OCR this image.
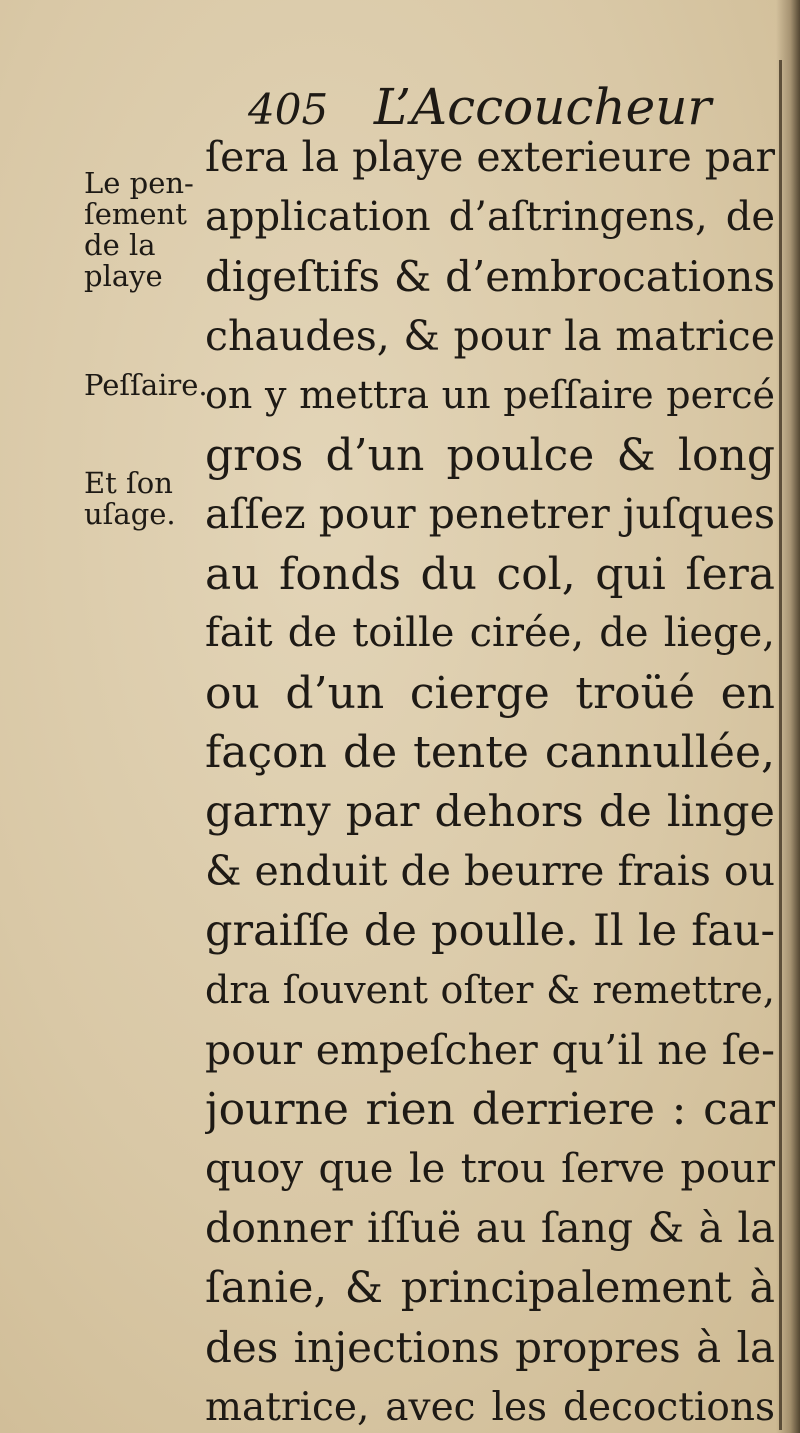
405 L’Accoucheur
Le pen-
ſement
de la
playe
Peſſaire.
Et ſon
uſage.
ſera la playe exterieure par
application d’aſtringens, de
digeſtifs & d’embrocations
chaudes, & pour la matrice
on y mettra un peſſaire percé
gros d’un poulce & long
aſſez pour penetrer juſques
au fonds du col, qui ſera
fait de toille cirée, de liege,
ou d’un cierge troüé en
façon de tente cannullée,
garny par dehors de linge
& enduit de beurre frais ou
graiſſe de poulle. Il le fau-
dra ſouvent oſter & remettre,
pour empeſcher qu’il ne ſe-
journe rien derriere : car
quoy que le trou ſerve pour
donner iſſuë au ſang & à la
ſanie, & principalement à
des injections propres à la
matrice, avec les decoctions
